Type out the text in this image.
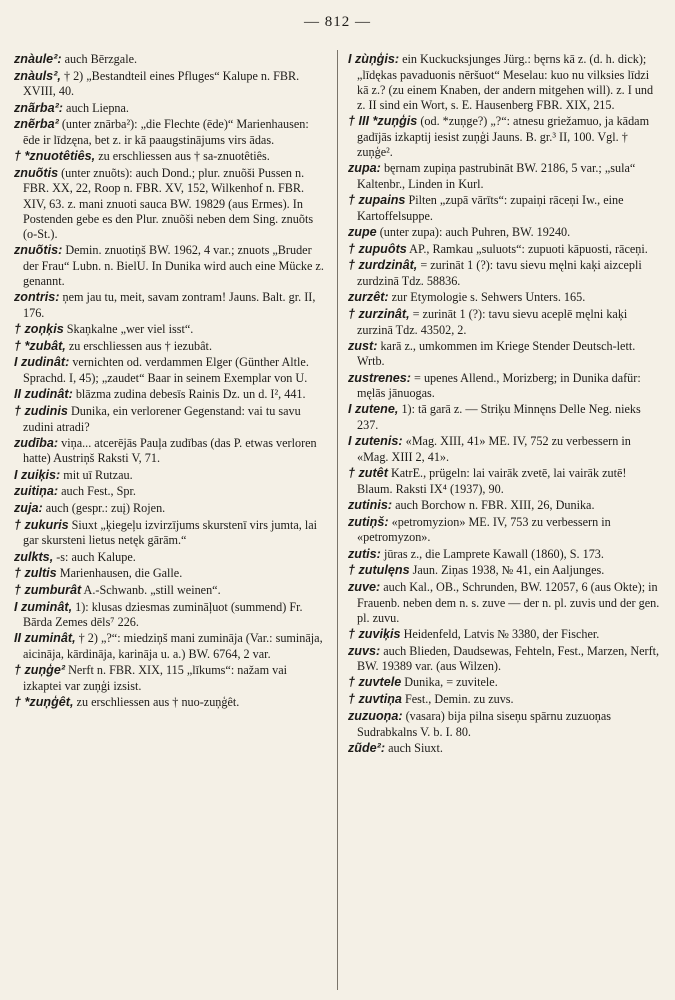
— 812 —
znàule²: auch Bērzgale.
znàuls², † 2) „Bestandteil eines Pfluges“ Kalupe n. FBR. XVIII, 40.
znãrba²: auch Liepna.
znẽrba² (unter znārba²): „die Flechte (ēde)“ Marienhausen: ēde ir līdzęna, bet z. ir kā paaugstinājums virs ādas.
† *znuotêtiês, zu erschliessen aus † sa-znuotêtiês.
znuõtis (unter znuõts): auch Dond.; plur. znuõši Pussen n. FBR. XX, 22, Roop n. FBR. XV, 152, Wilkenhof n. FBR. XIV, 63. z. mani znuoti sauca BW. 19829 (aus Ermes). In Postenden gebe es den Plur. znuõši neben dem Sing. znuõts (o-St.).
znuõtis: Demin. znuotiņš BW. 1962, 4 var.; znuots „Bruder der Frau“ Lubn. n. BielU. In Dunika wird auch eine Mücke z. genannt.
zontris: ņem jau tu, meit, savam zontram! Jauns. Balt. gr. II, 176.
† zoņķis Skaņkalne „wer viel isst“.
† *zubât, zu erschliessen aus † iezubât.
I zudinât: vernichten od. verdammen Elger (Günther Altle. Sprachd. I, 45); „zaudet“ Baar in seinem Exemplar von U.
II zudinât: blāzma zudina debesīs Rainis Dz. un d. I², 441.
† zudinis Dunika, ein verlorener Gegenstand: vai tu savu zudini atradi?
zudība: viņa... atcerējās Pauļa zudības (das P. etwas verloren hatte) Austriņš Raksti V, 71.
I zuiķis: mit uī Rutzau.
zuitiņa: auch Fest., Spr.
zuja: auch (gespr.: zuį) Rojen.
† zukuris Siuxt „ķiegeļu izvirzījums skurstenī virs jumta, lai gar skursteni lietus netęk gārām.“
zulkts, -s: auch Kalupe.
† zultis Marienhausen, die Galle.
† zumburât A.-Schwanb. „still weinen“.
I zuminât, 1): klusas dziesmas zumināļuot (summend) Fr. Bārda Zemes dēls⁷ 226.
II zuminât, † 2) „?“: miedziņš mani zumināja (Var.: sumināja, aicināja, kārdināja, karināja u. a.) BW. 6764, 2 var.
† zuņģe² Nerft n. FBR. XIX, 115 „līkums“: nažam vai izkaptei var zuņģi izsist.
† *zuņģêt, zu erschliessen aus † nuo-zuņģêt.
I zùņģis: ein Kuckucksjunges Jürg.: bęrns kā z. (d. h. dick); „līdękas pavaduonis nēršuot“ Meselau: kuo nu vilksies līdzi kā z.? (zu einem Knaben, der andern mitgehen will). z. I und z. II sind ein Wort, s. E. Hausenberg FBR. XIX, 215.
† III *zuņģis (od. *zuņge?) „?“: atnesu griežamuo, ja kādam gadījās izkaptij iesist zuņģi Jauns. B. gr.³ II, 100. Vgl. † zuņģe².
zupa: bęrnam zupiņa pastrubināt BW. 2186, 5 var.; „sula“ Kaltenbr., Linden in Kurl.
† zupains Pilten „zupā vārīts“: zupaiņi rāceņi Iw., eine Kartoffelsuppe.
zupe (unter zupa): auch Puhren, BW. 19240.
† zupuôts AP., Ramkau „suluots“: zupuoti kāpuosti, rāceņi.
† zurdzinât, = zurināt 1 (?): tavu sievu męlni kaķi aizcepli zurdzinā Tdz. 58836.
zurzêt: zur Etymologie s. Sehwers Unters. 165.
† zurzinât, = zurināt 1 (?): tavu sievu aceplē męlni kaķi zurzinā Tdz. 43502, 2.
zust: karā z., umkommen im Kriege Stender Deutsch-lett. Wrtb.
zustrenes: = upenes Allend., Morizberg; in Dunika dafür: męlās jānuogas.
I zutene, 1): tā garā z. — Striķu Minnęns Delle Neg. nieks 237.
I zutenis: «Mag. XIII, 41» ME. IV, 752 zu verbessern in «Mag. XIII 2, 41».
† zutêt KatrE., prügeln: lai vairāk zvetē, lai vairāk zutē! Blaum. Raksti IX⁴ (1937), 90.
zutinis: auch Borchow n. FBR. XIII, 26, Dunika.
zutiņš: «petromyzion» ME. IV, 753 zu verbessern in «petromyzon».
zutis: jūras z., die Lamprete Kawall (1860), S. 173.
† zutulęns Jaun. Ziņas 1938, № 41, ein Aaljunges.
zuve: auch Kal., OB., Schrunden, BW. 12057, 6 (aus Okte); in Frauenb. neben dem n. s. zuve — der n. pl. zuvis und der gen. pl. zuvu.
† zuviķis Heidenfeld, Latvis № 3380, der Fischer.
zuvs: auch Blieden, Daudsewas, Fehteln, Fest., Marzen, Nerft, BW. 19389 var. (aus Wilzen).
† zuvtele Dunika, = zuvitele.
† zuvtiņa Fest., Demin. zu zuvs.
zuzuoņa: (vasara) bija pilna siseņu spārnu zuzuoņas Sudrabkalns V. b. I. 80.
zũde²: auch Siuxt.
